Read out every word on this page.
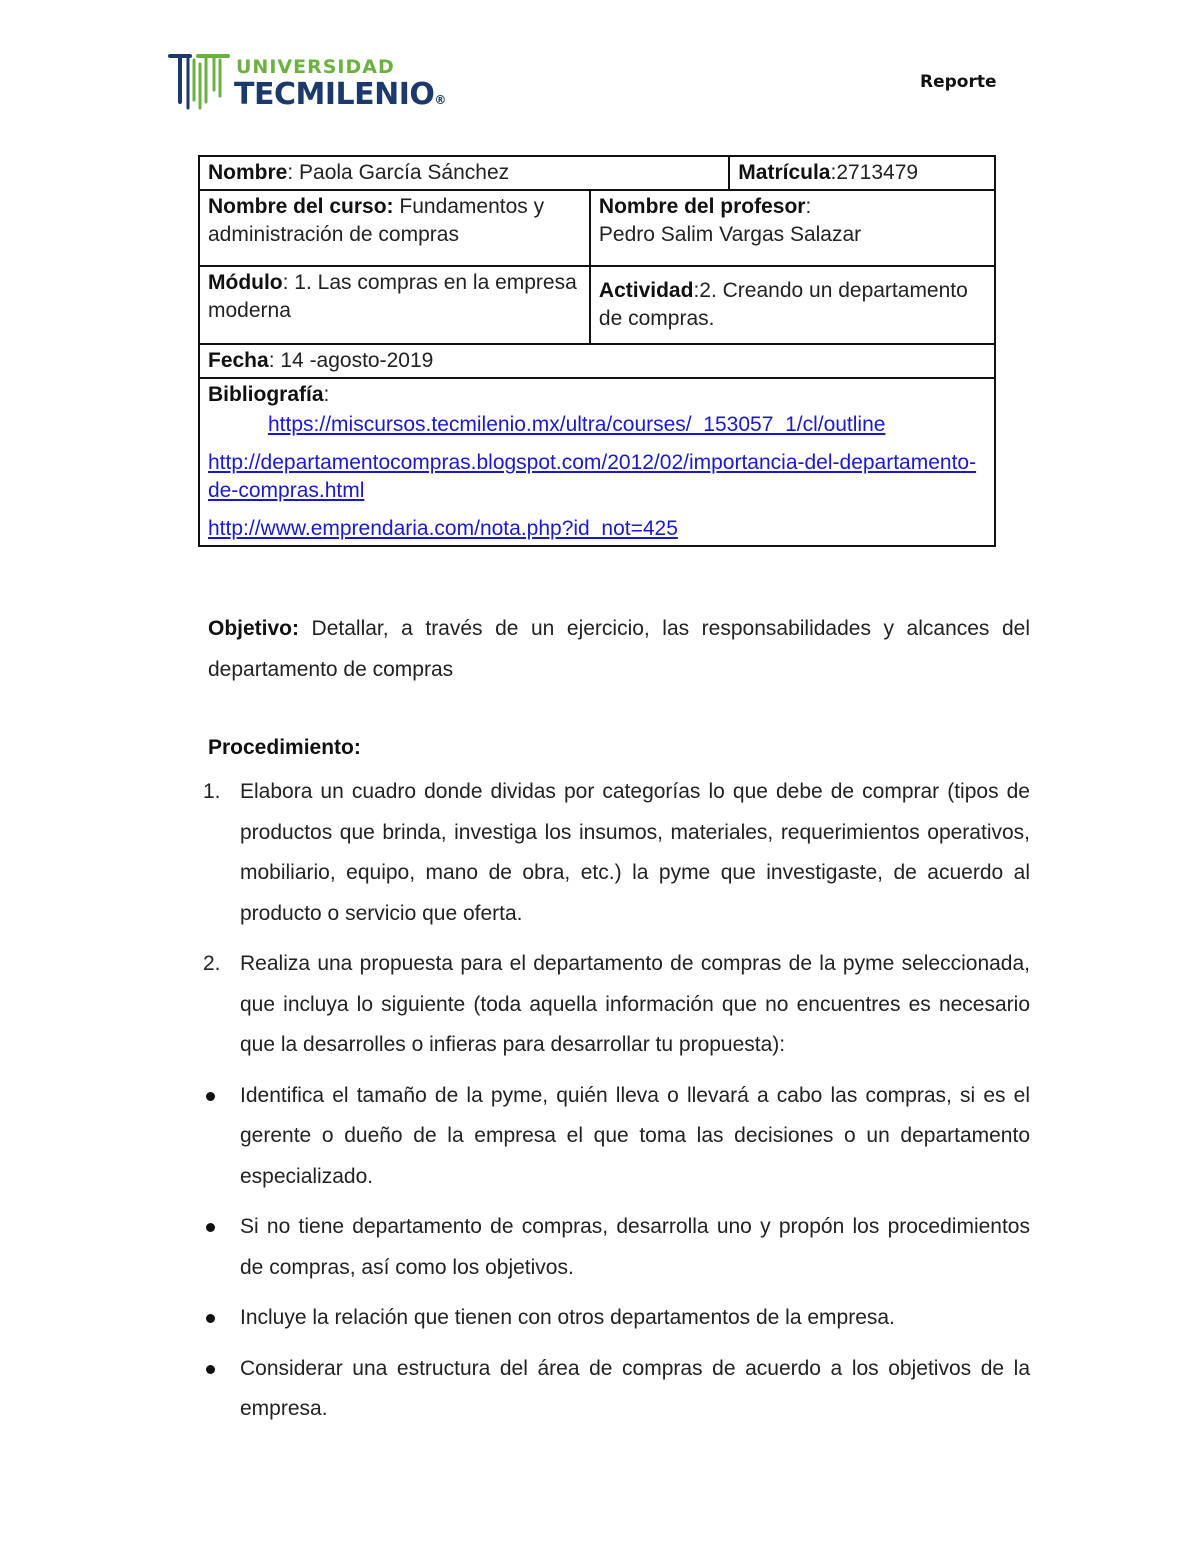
UNIVERSIDAD
TECMILENIO®
Reporte
Nombre: Paola García Sánchez		Matrícula:2713479
Nombre del curso: Fundamentos y administración de compras	Nombre del profesor:
Pedro Salim Vargas Salazar	
Módulo: 1. Las compras en la empresa moderna	Actividad:2. Creando un departamento de compras.	
Fecha: 14 -agosto-2019		
Bibliografía:
https://miscursos.tecmilenio.mx/ultra/courses/_153057_1/cl/outline
http://departamentocompras.blogspot.com/2012/02/importancia-del-departamento-de-compras.html
http://www.emprendaria.com/nota.php?id_not=425		
Objetivo: Detallar, a través de un ejercicio, las responsabilidades y alcances del departamento de compras
Procedimiento:
1. Elabora un cuadro donde dividas por categorías lo que debe de comprar (tipos de productos que brinda, investiga los insumos, materiales, requerimientos operativos, mobiliario, equipo, mano de obra, etc.) la pyme que investigaste, de acuerdo al producto o servicio que oferta.
2. Realiza una propuesta para el departamento de compras de la pyme seleccionada, que incluya lo siguiente (toda aquella información que no encuentres es necesario que la desarrolles o infieras para desarrollar tu propuesta):
Identifica el tamaño de la pyme, quién lleva o llevará a cabo las compras, si es el gerente o dueño de la empresa el que toma las decisiones o un departamento especializado.
Si no tiene departamento de compras, desarrolla uno y propón los procedimientos de compras, así como los objetivos.
Incluye la relación que tienen con otros departamentos de la empresa.
Considerar una estructura del área de compras de acuerdo a los objetivos de la empresa.
